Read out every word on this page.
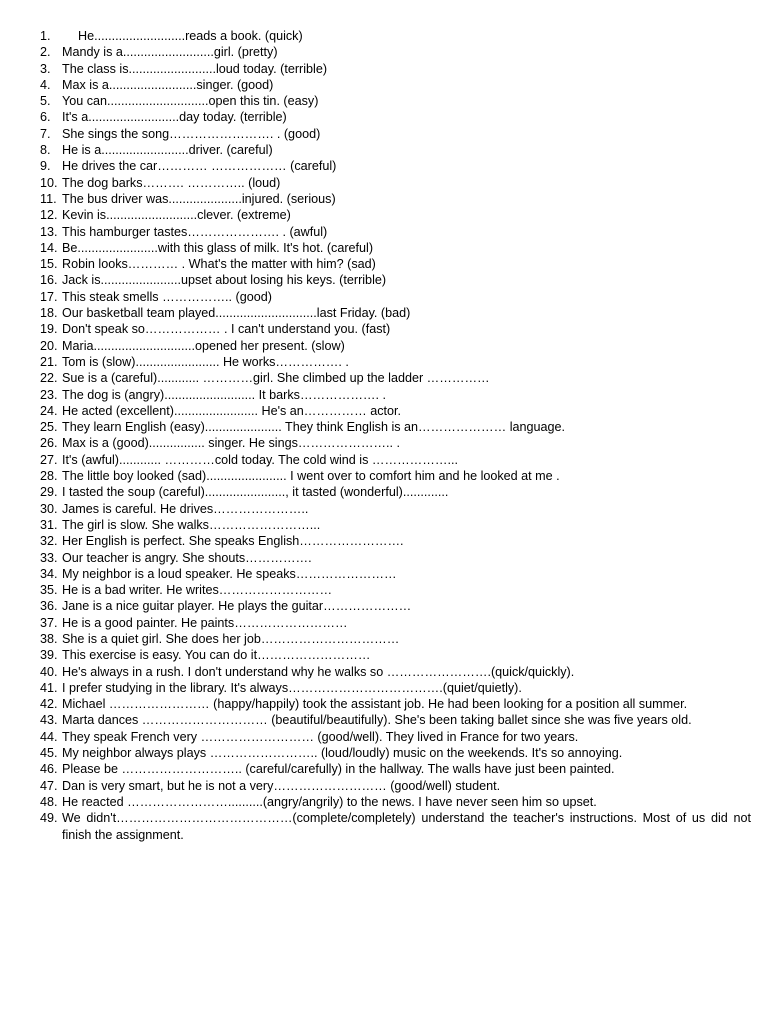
1.	He..........................reads a book. (quick)
2. Mandy is a..........................girl. (pretty)
3. The class is.........................loud today. (terrible)
4. Max is a.........................singer. (good)
5. You can.............................open this tin. (easy)
6. It's a..........................day today. (terrible)
7. She sings the song……………………. . (good)
8. He is a.........................driver. (careful)
9. He drives the car………… ……………… (careful)
10. The dog barks………. ………….. (loud)
11. The bus driver was.....................injured. (serious)
12. Kevin is..........................clever. (extreme)
13. This hamburger tastes…………………. . (awful)
14. Be.......................with this glass of milk. It's hot. (careful)
15. Robin looks………… . What's the matter with him? (sad)
16. Jack is.......................upset about losing his keys. (terrible)
17. This steak smells …………….. (good)
18. Our basketball team played.............................last Friday. (bad)
19. Don't speak so……………… . I can't understand you. (fast)
20. Maria.............................opened her present. (slow)
21. Tom is (slow)........................ He works……………. .
22. Sue is a (careful)............ …………girl. She climbed up the ladder ……………
23. The dog is (angry).......................... It barks………………. .
24. He acted (excellent)........................ He's an…………… actor.
25. They learn English (easy)...................... They think English is an………………… language.
26. Max is a (good)................ singer. He sings………………….. .
27. It's (awful)............ …………cold today. The cold wind is ………………...
28. The little boy looked (sad)....................... I went over to comfort him and he looked at me .
29. I tasted the soup (careful)......................., it tasted (wonderful).............
30. James is careful. He drives…………………..
31. The girl is slow. She walks……………………...
32. Her English is perfect. She speaks English…………………….
33. Our teacher is angry. She shouts…………….
34. My neighbor is a loud speaker. He speaks……………………
35. He is a bad writer. He writes………………………
36. Jane is a nice guitar player. He plays the guitar…………………
37. He is a good painter. He paints………………………
38. She is a quiet girl. She does her job……………………………
39. This exercise is easy. You can do it………………………
40. He's always in a rush. I don't understand why he walks so …………………….(quick/quickly).
41. I prefer studying in the library. It's always……………………………….(quiet/quietly).
42. Michael …………………… (happy/happily) took the assistant job. He had been looking for a position all summer.
43. Marta dances ………………………… (beautiful/beautifully). She's been taking ballet since she was five years old.
44. They speak French very ……………………… (good/well). They lived in France for two years.
45. My neighbor always plays …………………….. (loud/loudly) music on the weekends. It's so annoying.
46. Please be ……………………….. (careful/carefully) in the hallway. The walls have just been painted.
47. Dan is very smart, but he is not a very……………………… (good/well) student.
48. He reacted ……………………..........(angry/angrily) to the news. I have never seen him so upset.
49. We didn't……………………………………(complete/completely) understand the teacher's instructions. Most of us did not finish the assignment.
